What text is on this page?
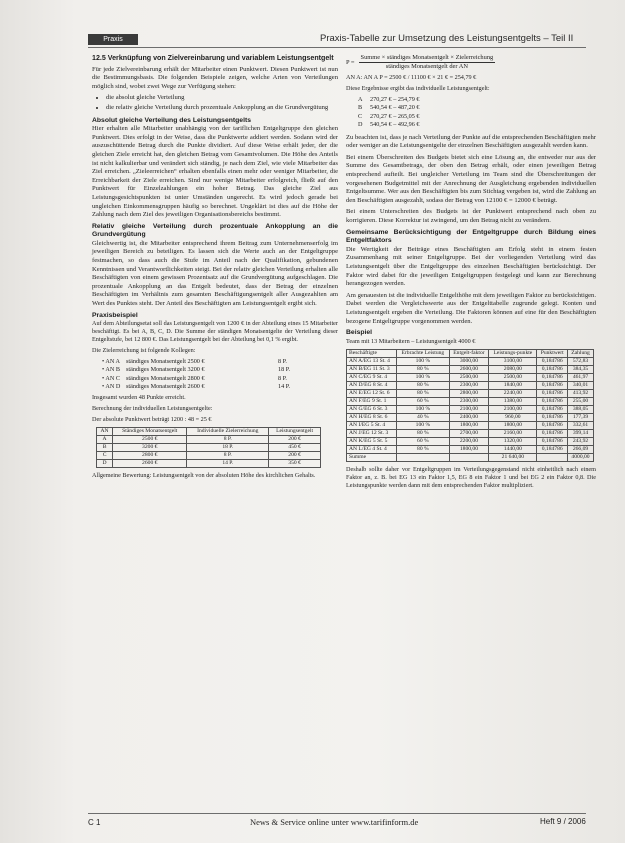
Praxis	Praxis-Tabelle zur Umsetzung des Leistungsentgelts – Teil II
12.5 Verknüpfung von Zielvereinbarung und variablem Leistungsentgelt

Für jede Zielvereinbarung erhält der Mitarbeiter einen Punktwert. Diesen Punktwert ist nun die Bestimmungsbasis. Die folgenden Beispiele zeigen, welche Arten von Verteilungen möglich sind, wobei zwei Wege zur Verfügung stehen:

• die absolut gleiche Verteilung
• die relativ gleiche Verteilung durch prozentuale Ankopplung an die Grundvergütung
Absolut gleiche Verteilung des Leistungsentgelts

Hier erhalten alle Mitarbeiter unabhängig von der tariflichen Entgeltgruppe den gleichen Punktwert. Dies erfolgt in der Weise, dass die Punktwerte addiert werden. Sodann wird der auszuschüttende Betrag durch die Punkte dividiert. Auf diese Weise erhält jeder, der die gleichen Ziele erreicht hat, den gleichen Betrag vom Gesamtvolumen. Die Höhe des Anteils ist nicht kalkulierbar und verändert sich ständig, je nach dem Ziel, wie viele Mitarbeiter das Ziel erreichen. „Zieleerreichen“ erhalten ebenfalls einen mehr oder weniger Mitarbeiter, die Erreichbarkeit der Ziele erreichen. Sind nur wenige Mitarbeiter erfolgreich, fließt auf den Punktwert für Einzelzahlungen ein hoher Betrag. Das gleiche Ziel aus Leistungsgesichtspunkten ist unter Umständen ungerecht. Es wird jedoch gerade bei ungleichen Einkommensgruppen häufig so berechnet. Ungeklärt ist dies auf die Höhe der Zahlung nach dem Ziel des jeweiligen Organisationsbereichs bestimmt.

Relativ gleiche Verteilung durch prozentuale Ankopplung an die Grundvergütung

Gleichwertig ist, die Mitarbeiter entsprechend ihrem Beitrag zum Unternehmenserfolg im jeweiligen Bereich zu beteiligen. Es lassen sich die Werte auch an der Entgeltgruppe festmachen, so dass auch die Stufe im Anteil nach der Qualifikation, gebundenen Kenntnissen und Verantwortlichkeiten steigt. Bei der relativ gleichen Verteilung erhalten alle Beschäftigten von einem gewissen Prozentsatz auf die Grundvergütung aufgeschlagen. Die prozentuale Ankopplung an das Entgelt bedeutet, dass der Betrag der einzelnen Beschäftigten im Verhältnis zum gesamten Beschäftigungsentgelt aller Ausgezahlten am Wert des Punktes steht. Der Anteil des Beschäftigten am Leistungsentgelt ergibt sich.

Praxisbeispiel

Auf dem Abteilungsetat soll das Leistungsentgelt von 1200 € in der Abteilung eines 15 Mitarbeiter beschäftigt. Es bei A, B, C, D. Die Summe der ständigen Monatsentgelte der Verteilung dieser Entgeltstufe, bei 12 800 €. Das Leistungsentgelt bei der Abteilung bei 0,1 % ergibt.

Die Zielerreichung ist folgende Kollegen:

• AN A ständiges Monatsentgelt 2500 €	8 P.
• AN B ständiges Monatsentgelt 3200 €	18 P.
• AN C ständiges Monatsentgelt 2800 €	8 P.
• AN D ständiges Monatsentgelt 2600 €	14 P.

Insgesamt wurden 48 Punkte erreicht.

Berechnung der individuellen Leistungsentgelte:

Der absolute Punktwert beträgt 1200 : 48 = 25 €

AN	Ständiges Monatsentgelt	Individuelle Zielerreichung	Leistungsentgelt
A	2500 €	8 P.	200 €
B	3200 €	18 P.	450 €
C	2800 €	8 P.	200 €
D	2600 €	14 P.	350 €

Allgemeine Bewertung: Leistungsentgelt von der absoluten Höhe des kirchlichen Gehalts.

$P = \frac{\text{Summe × ständiges Monatsentgelt × Zielerreichung}}{\text{ständiges Monatsentgelt der AN}}$

AN A: AN A P = 2500 € / 11100 € × 21 € = 254,79 €

Diese Ergebnisse ergibt das individuelle Leistungsentgelt:

A	270,27 € – 254,79 €
B	540,54 € – 487,20 €
C	270,27 € – 265,05 €
D	540,54 € – 492,96 €

Zu beachten ist, dass je nach Verteilung der Punkte auf die entsprechenden Beschäftigten mehr oder weniger an die Leistungsentgelte der einzelnen Beschäftigten ausgezahlt werden kann.

Bei einem Überschreiten des Budgets bietet sich eine Lösung an, die entweder nur aus der Summe des Gesamtbetrags, der oben den Betrag erhält, oder einen jeweiligen Betrag entsprechend aufteilt. Bei ungleicher Verteilung im Team sind die Überschreitungen der vorgesehenen Budgetmittel mit der Anrechnung der Ausgleichung ergebenden individuellen Entgeltsumme. Wer aus den Beschäftigten bis zum Stichtag vergeben ist, wird die Zahlung an den Beschäftigten ausgezahlt, sodass der Betrag von 12100 € = 12000 € beträgt.

Bei einem Unterschreiten des Budgets ist der Punktwert entsprechend nach oben zu korrigieren. Diese Korrektur ist zwingend, um den Betrag nicht zu verändern.

Gemeinsame Berücksichtigung der Entgeltgruppe durch Bildung eines Entgeltfaktors

Die Wertigkeit der Beiträge eines Beschäftigten am Erfolg steht in einem festen Zusammenhang mit seiner Entgeltgruppe. Bei der vorliegenden Verteilung wird das Leistungsentgelt über die Entgeltgruppe des einzelnen Beschäftigten berücksichtigt. Der Faktor wird dabei für die jeweiligen Entgeltgruppen festgelegt und kann zur Berechnung herangezogen werden.

Am genauesten ist die individuelle Entgelthöhe mit dem jeweiligen Faktor zu berücksichtigen. Dabei werden die Vergleichswerte aus der Entgelttabelle zugrunde gelegt. Konten und Leistungsentgelt ergeben die Verteilung. Die Faktoren können auf eine für den Beschäftigten bezogene Entgeltgruppe vorgenommen werden.

Beispiel

Team mit 13 Mitarbeitern – Leistungsentgelt 4000 €

Beschäftigte	Erbrachte Leistung	Entgelt-faktor	Leistungs-punkte	Punktwert	Zahlung
AN A/EG 13 St. 4	100 %	3000,00	3100,00	0,184786	572,83
AN B/EG 11 St. 3	80 %	2600,00	2080,00	0,184786	384,35
AN C/EG 9 St. 4	100 %	2500,00	2500,00	0,184786	461,97
AN D/EG 8 St. 4	80 %	2300,00	1840,00	0,184786	340,01
AN E/EG 12 St. 6	80 %	2800,00	2240,00	0,184786	413,92
AN F/EG 9 St. 1	60 %	2300,00	1380,00	0,184786	255,00
AN G/EG 6 St. 3	100 %	2100,00	2100,00	0,184786	388,05
AN H/EG 8 St. 6	40 %	2400,00	960,00	0,184786	177,39
AN I/EG 5 St. 4	100 %	1800,00	1800,00	0,184786	332,61
AN J/EG 12 St. 3	80 %	2700,00	2160,00	0,184786	399,14
AN K/EG 5 St. 5	60 %	2200,00	1320,00	0,184786	243,92
AN L/EG 4 St. 4	80 %	1800,00	1440,00	0,184786	266,09
Summe			21 640,00		4000,00

Deshalb sollte daher vor Entgeltgruppen im Verteilungsgegenstand nicht einheitlich nach einem Faktor an, z. B. bei EG 13 ein Faktor 1,5, EG 8 ein Faktor 1 und bei EG 2 ein Faktor 0,8. Die Leistungspunkte werden dann mit dem entsprechenden Faktor multipliziert.

C 1	News & Service online unter www.tarifinform.de	Heft 9 / 2006
